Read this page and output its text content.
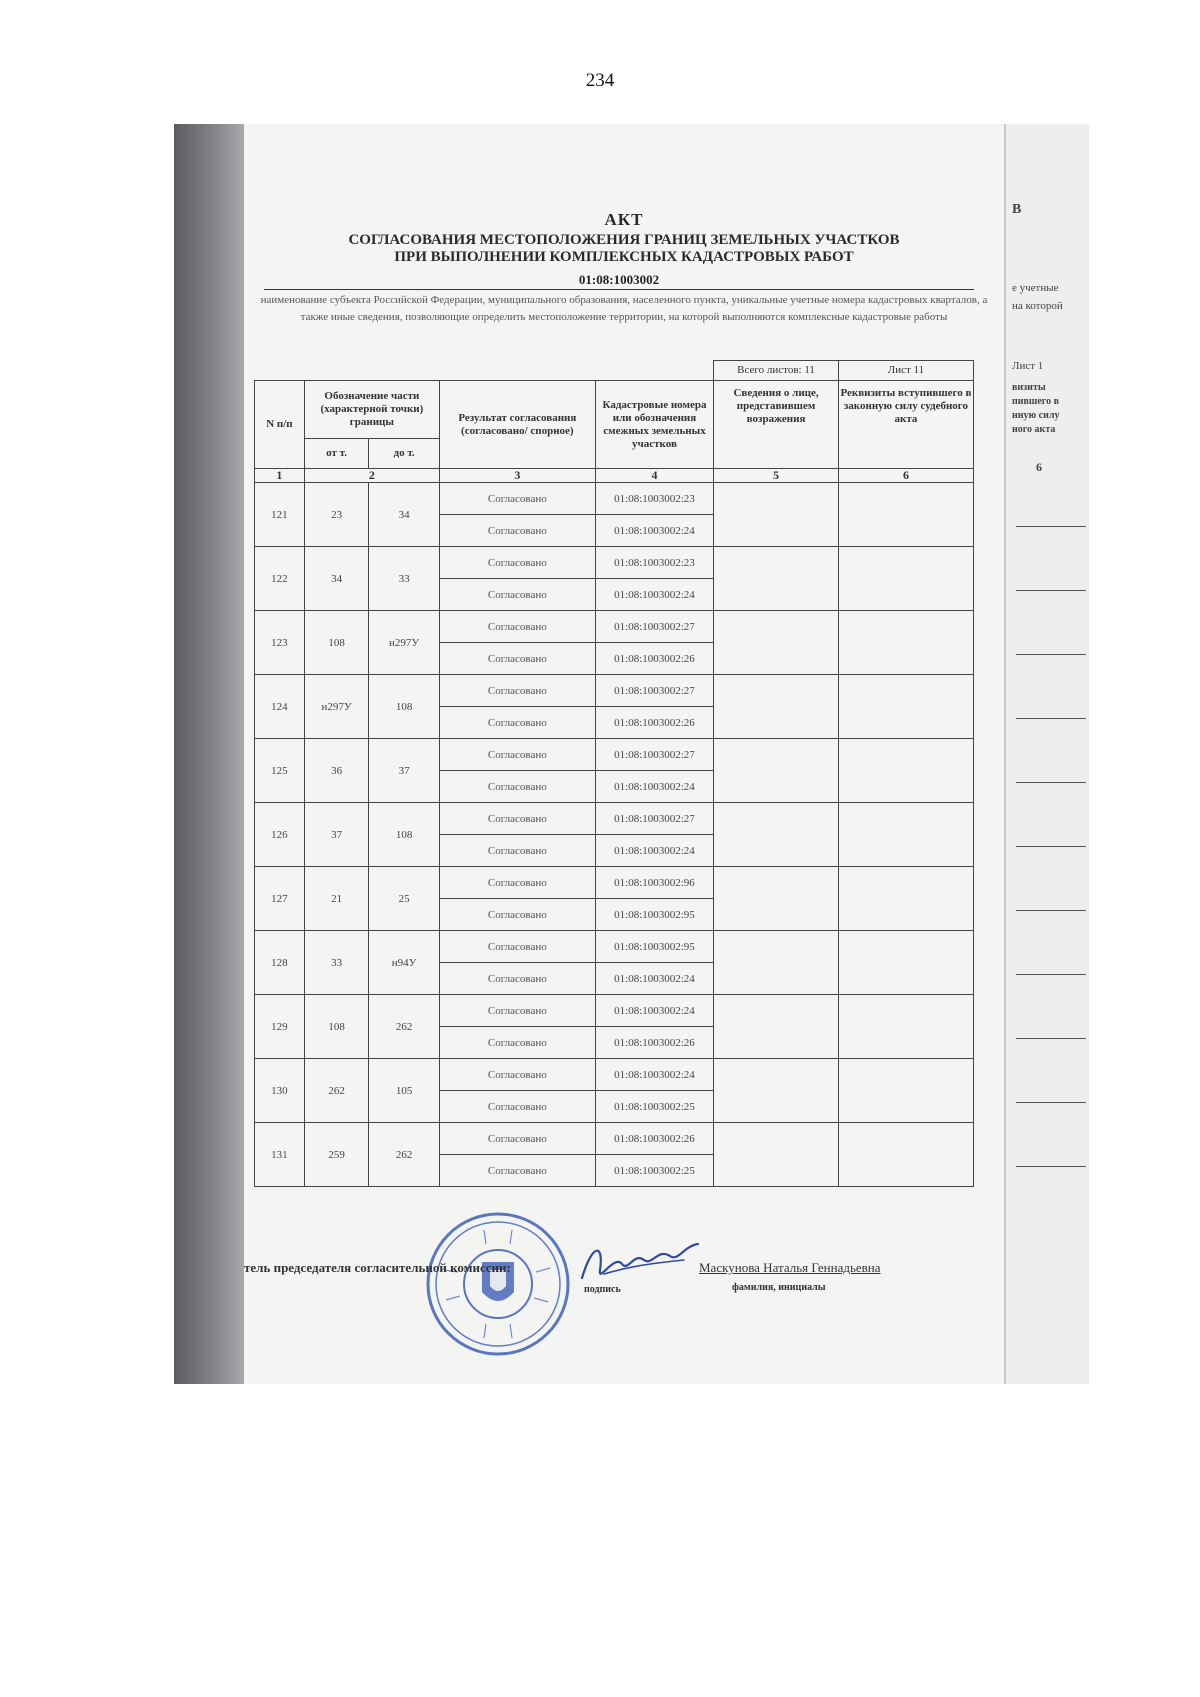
234
АКТ
СОГЛАСОВАНИЯ МЕСТОПОЛОЖЕНИЯ ГРАНИЦ ЗЕМЕЛЬНЫХ УЧАСТКОВ
ПРИ ВЫПОЛНЕНИИ КОМПЛЕКСНЫХ КАДАСТРОВЫХ РАБОТ
01:08:1003002
наименование субъекта Российской Федерации, муниципального образования, населенного пункта, уникальные учетные номера кадастровых кварталов, а также иные сведения, позволяющие определить местоположение территории, на которой выполняются комплексные кадастровые работы
					Всего листов: 11	Лист 11
N п/п	Обозначение части (характерной точки) границы		Результат согласования (согласовано/ спорное)	Кадастровые номера или обозначения смежных земельных участков	Сведения о лице, представившем возражения	Реквизиты вступившего в законную силу судебного акта
	от т.	до т.				
1	2		3	4	5	6
121	23	34	Согласовано	01:08:1003002:23		
			Согласовано	01:08:1003002:24		
122	34	33	Согласовано	01:08:1003002:23		
			Согласовано	01:08:1003002:24		
123	108	н297У	Согласовано	01:08:1003002:27		
			Согласовано	01:08:1003002:26		
124	н297У	108	Согласовано	01:08:1003002:27		
			Согласовано	01:08:1003002:26		
125	36	37	Согласовано	01:08:1003002:27		
			Согласовано	01:08:1003002:24		
126	37	108	Согласовано	01:08:1003002:27		
			Согласовано	01:08:1003002:24		
127	21	25	Согласовано	01:08:1003002:96		
			Согласовано	01:08:1003002:95		
128	33	н94У	Согласовано	01:08:1003002:95		
			Согласовано	01:08:1003002:24		
129	108	262	Согласовано	01:08:1003002:24		
			Согласовано	01:08:1003002:26		
130	262	105	Согласовано	01:08:1003002:24		
			Согласовано	01:08:1003002:25		
131	259	262	Согласовано	01:08:1003002:26		
			Согласовано	01:08:1003002:25		
тель председателя согласительной комиссии:
подпись
Маскунова Наталья Геннадьевна
фамилия, инициалы
В
е учетные
на которой
Лист 1
визиты
пившего в
нную силу
ного акта
6
